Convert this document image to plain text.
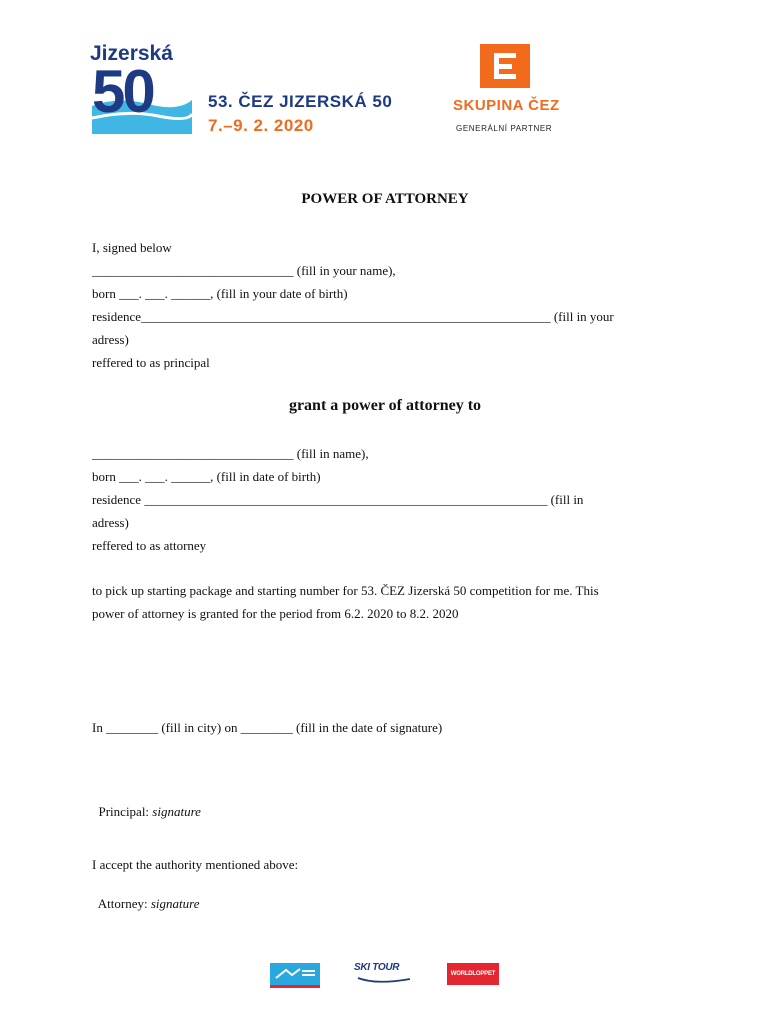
Jizerská
50	53. ČEZ JIZERSKÁ 50
7.–9. 2. 2020
SKUPINA ČEZ
GENERÁLNÍ PARTNER
POWER OF ATTORNEY
I, signed below
_______________________________ (fill in your name),
born ___. ___. ______, (fill in your date of birth)
residence_______________________________________________________________ (fill in your
adress)
reffered to as principal
grant a power of attorney to
_______________________________ (fill in name),
born ___. ___. ______, (fill in date of birth)
residence ______________________________________________________________ (fill in
adress)
reffered to as attorney
to pick up starting package and starting number for 53. ČEZ Jizerská 50 competition for me. This
power of attorney is granted for the period from 6.2. 2020 to 8.2. 2020
In ________ (fill in city) on ________ (fill in the date of signature)

Principal: signature

I accept the authority mentioned above:

Attorney: signature

SKI TOUR
WORLDLOPPET
